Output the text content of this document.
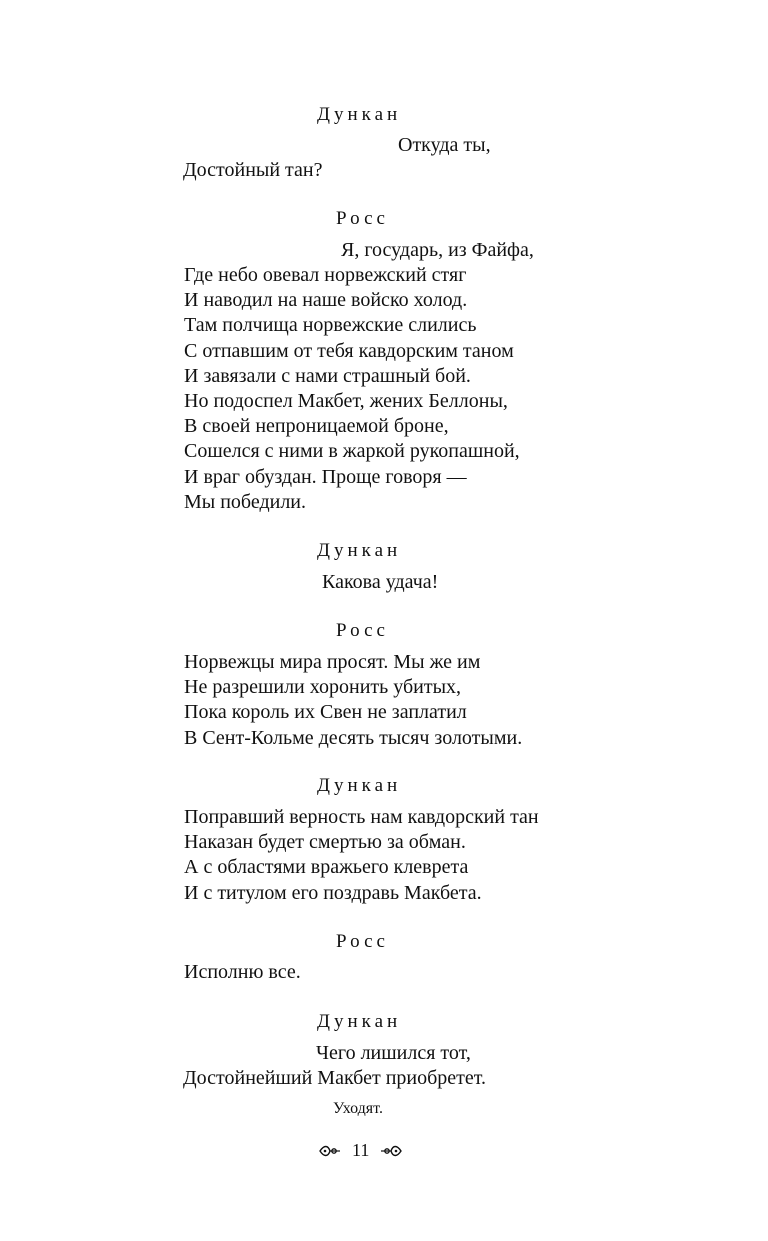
Дункан
Откуда ты,
Достойный тан?
Росс
Я, государь, из Файфа,
Где небо овевал норвежский стяг
И наводил на наше войско холод.
Там полчища норвежские слились
С отпавшим от тебя кавдорским таном
И завязали с нами страшный бой.
Но подоспел Макбет, жених Беллоны,
В своей непроницаемой броне,
Сошелся с ними в жаркой рукопашной,
И враг обуздан. Проще говоря —
Мы победили.
Дункан
Какова удача!
Росс
Норвежцы мира просят. Мы же им
Не разрешили хоронить убитых,
Пока король их Свен не заплатил
В Сент-Кольме десять тысяч золотыми.
Дункан
Поправший верность нам кавдорский тан
Наказан будет смертью за обман.
А с областями вражьего клеврета
И с титулом его поздравь Макбета.
Росс
Исполню все.
Дункан
Чего лишился тот,
Достойнейший Макбет приобретет.
Уходят.
11
